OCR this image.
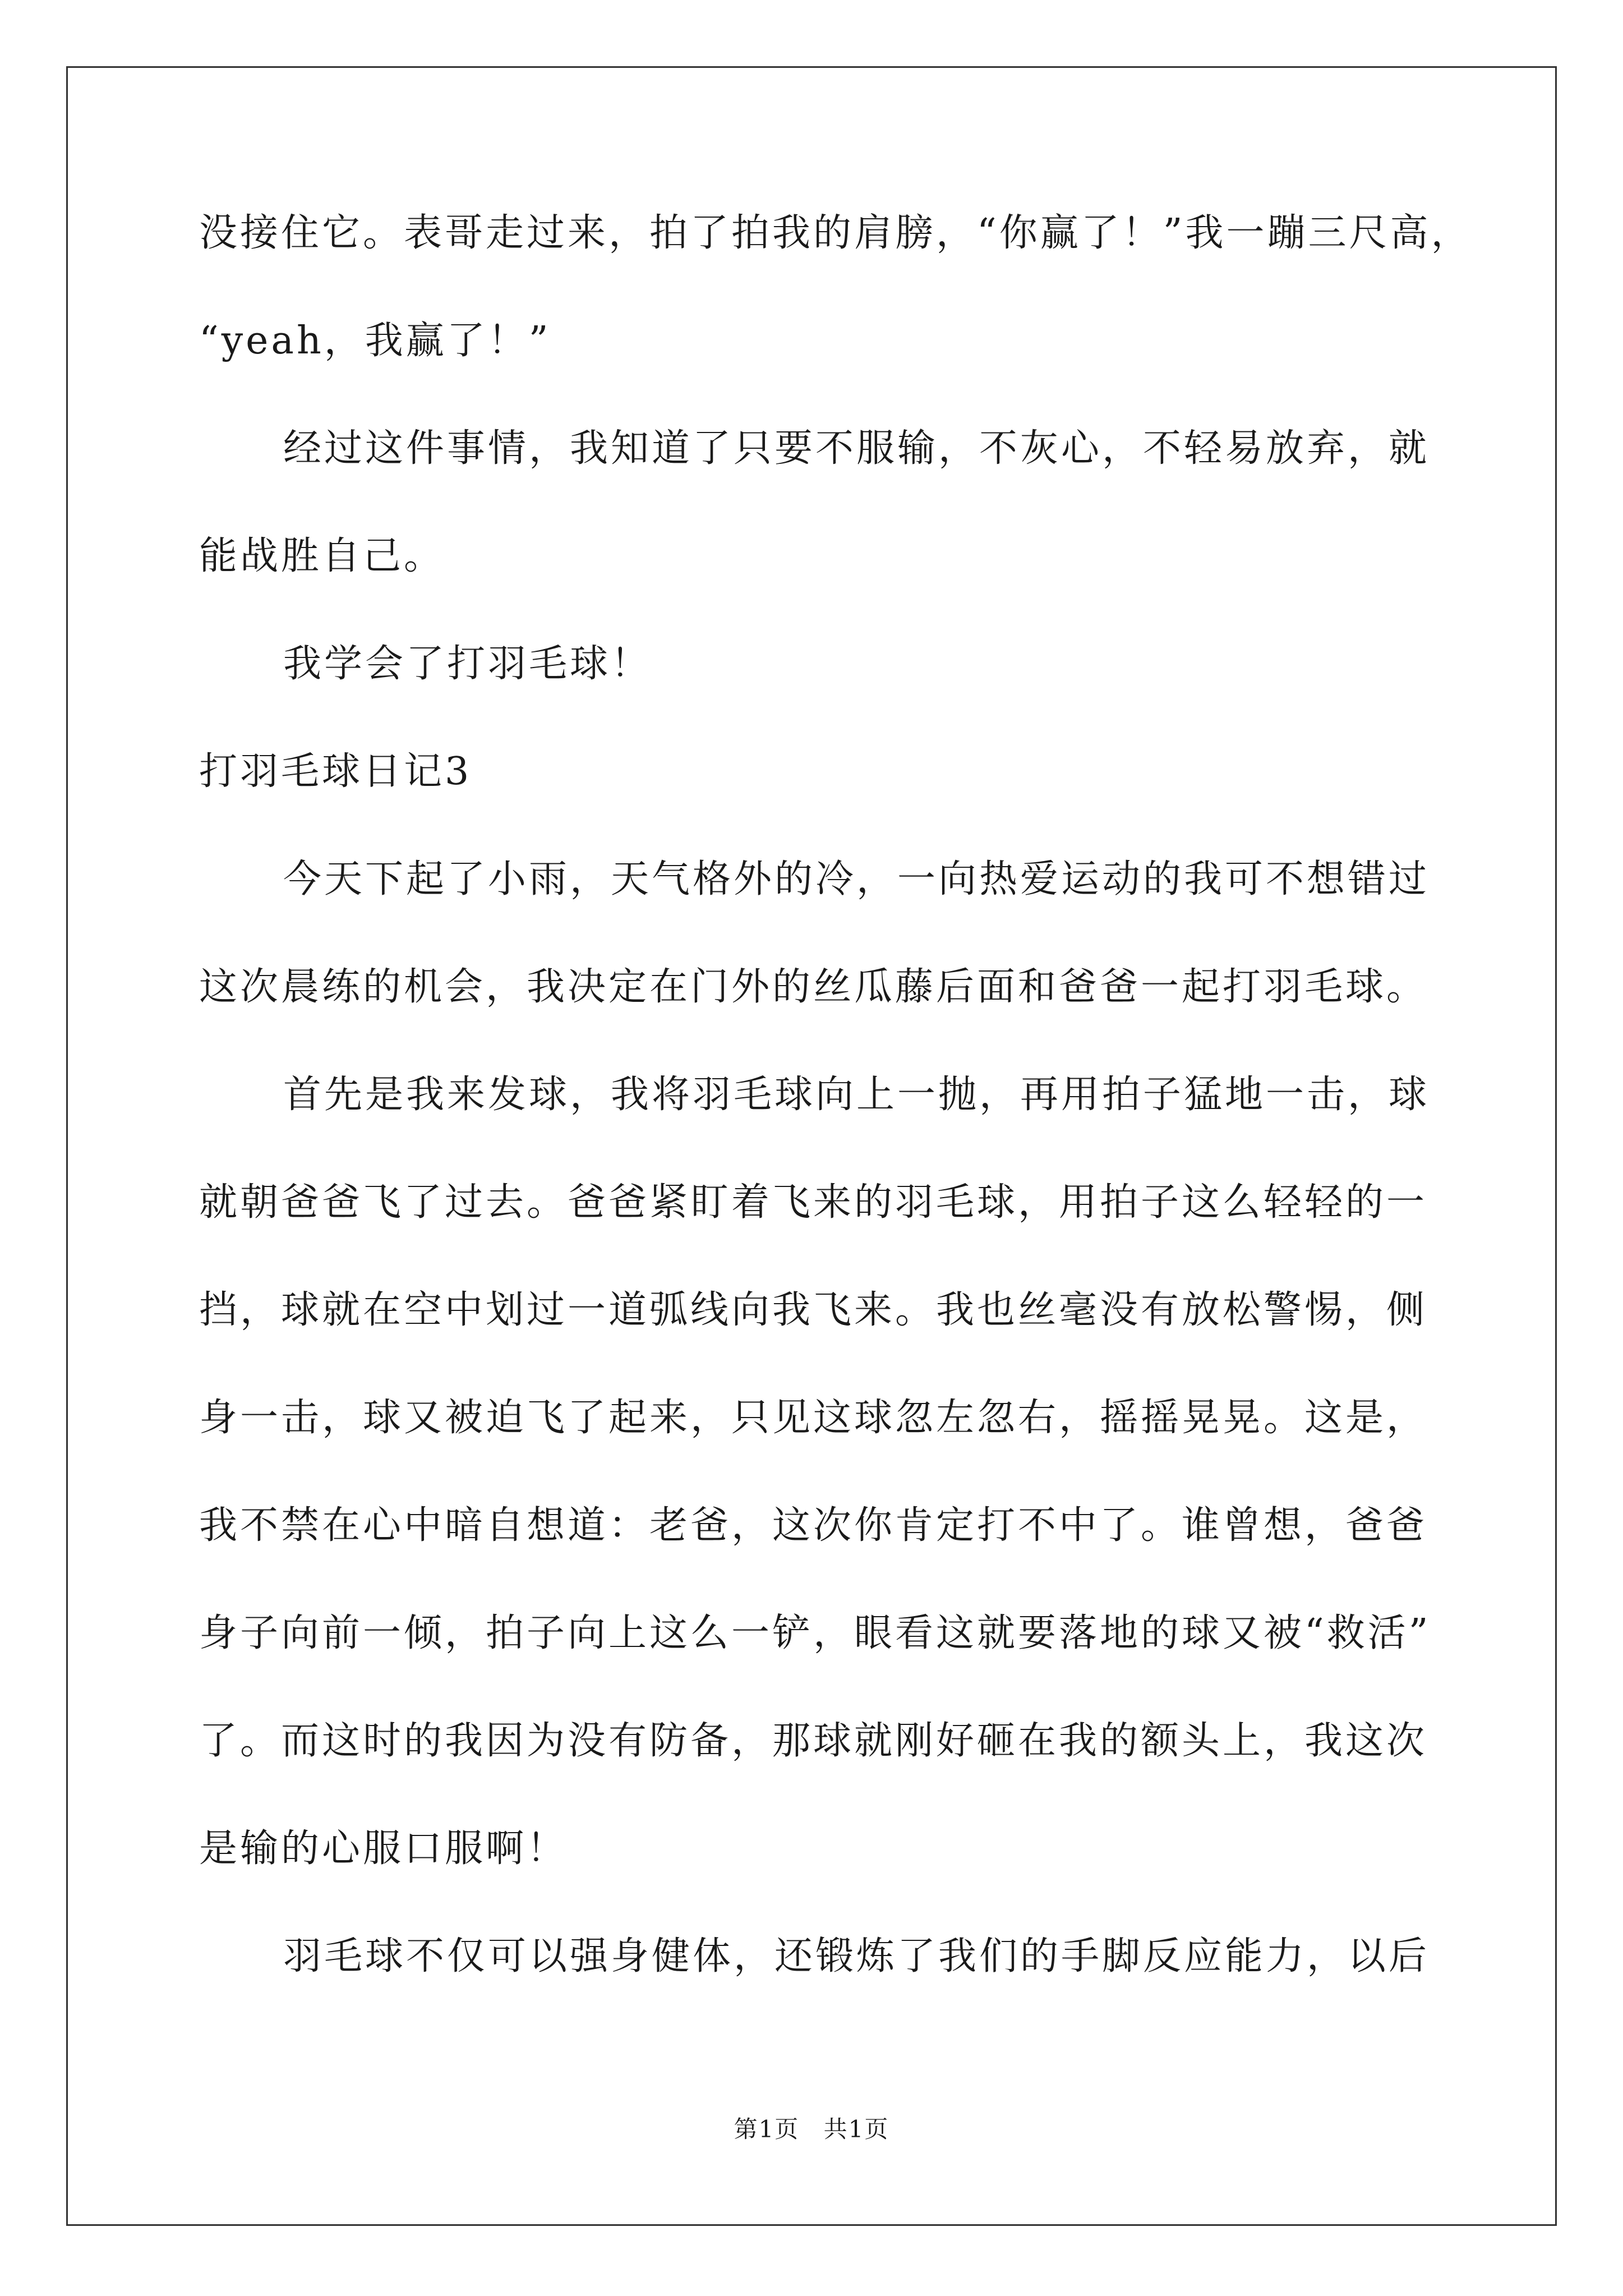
没接住它。表哥走过来，拍了拍我的肩膀，“你赢了！”我一蹦三尺高，
“yeah，我赢了！”
经过这件事情，我知道了只要不服输，不灰心，不轻易放弃，就
能战胜自己。
我学会了打羽毛球！
打羽毛球日记3
今天下起了小雨，天气格外的冷，一向热爱运动的我可不想错过
这次晨练的机会，我决定在门外的丝瓜藤后面和爸爸一起打羽毛球。
首先是我来发球，我将羽毛球向上一抛，再用拍子猛地一击，球
就朝爸爸飞了过去。爸爸紧盯着飞来的羽毛球，用拍子这么轻轻的一
挡，球就在空中划过一道弧线向我飞来。我也丝毫没有放松警惕，侧
身一击，球又被迫飞了起来，只见这球忽左忽右，摇摇晃晃。这是，
我不禁在心中暗自想道：老爸，这次你肯定打不中了。谁曾想，爸爸
身子向前一倾，拍子向上这么一铲，眼看这就要落地的球又被“救活”
了。而这时的我因为没有防备，那球就刚好砸在我的额头上，我这次
是输的心服口服啊！
羽毛球不仅可以强身健体，还锻炼了我们的手脚反应能力，以后
第1页 共1页
